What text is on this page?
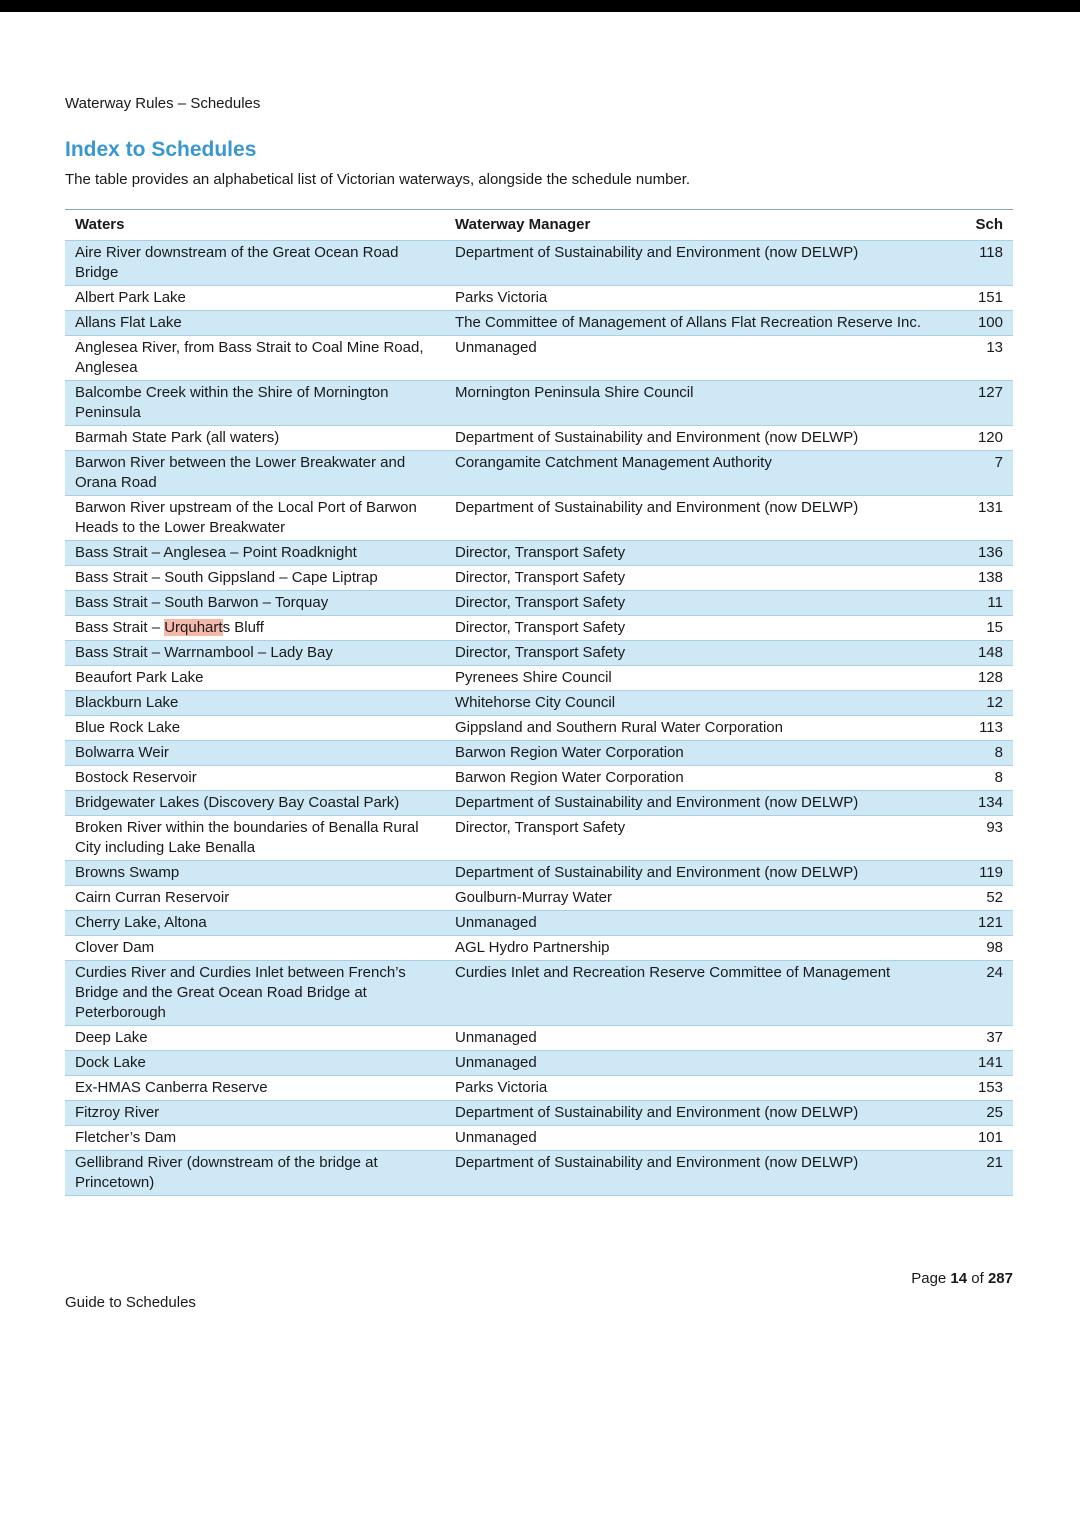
Waterway Rules – Schedules
Index to Schedules
The table provides an alphabetical list of Victorian waterways, alongside the schedule number.
Waters	Waterway Manager	Sch
Aire River downstream of the Great Ocean Road Bridge	Department of Sustainability and Environment (now DELWP)	118
Albert Park Lake	Parks Victoria	151
Allans Flat Lake	The Committee of Management of Allans Flat Recreation Reserve Inc.	100
Anglesea River, from Bass Strait to Coal Mine Road, Anglesea	Unmanaged	13
Balcombe Creek within the Shire of Mornington Peninsula	Mornington Peninsula Shire Council	127
Barmah State Park (all waters)	Department of Sustainability and Environment (now DELWP)	120
Barwon River between the Lower Breakwater and Orana Road	Corangamite Catchment Management Authority	7
Barwon River upstream of the Local Port of Barwon Heads to the Lower Breakwater	Department of Sustainability and Environment (now DELWP)	131
Bass Strait – Anglesea – Point Roadknight	Director, Transport Safety	136
Bass Strait – South Gippsland – Cape Liptrap	Director, Transport Safety	138
Bass Strait – South Barwon – Torquay	Director, Transport Safety	11
Bass Strait – Urquharts Bluff	Director, Transport Safety	15
Bass Strait – Warrnambool – Lady Bay	Director, Transport Safety	148
Beaufort Park Lake	Pyrenees Shire Council	128
Blackburn Lake	Whitehorse City Council	12
Blue Rock Lake	Gippsland and Southern Rural Water Corporation	113
Bolwarra Weir	Barwon Region Water Corporation	8
Bostock Reservoir	Barwon Region Water Corporation	8
Bridgewater Lakes (Discovery Bay Coastal Park)	Department of Sustainability and Environment (now DELWP)	134
Broken River within the boundaries of Benalla Rural City including Lake Benalla	Director, Transport Safety	93
Browns Swamp	Department of Sustainability and Environment (now DELWP)	119
Cairn Curran Reservoir	Goulburn-Murray Water	52
Cherry Lake, Altona	Unmanaged	121
Clover Dam	AGL Hydro Partnership	98
Curdies River and Curdies Inlet between French’s Bridge and the Great Ocean Road Bridge at Peterborough	Curdies Inlet and Recreation Reserve Committee of Management	24
Deep Lake	Unmanaged	37
Dock Lake	Unmanaged	141
Ex-HMAS Canberra Reserve	Parks Victoria	153
Fitzroy River	Department of Sustainability and Environment (now DELWP)	25
Fletcher’s Dam	Unmanaged	101
Gellibrand River (downstream of the bridge at Princetown)	Department of Sustainability and Environment (now DELWP)	21
Page 14 of 287
Guide to Schedules
